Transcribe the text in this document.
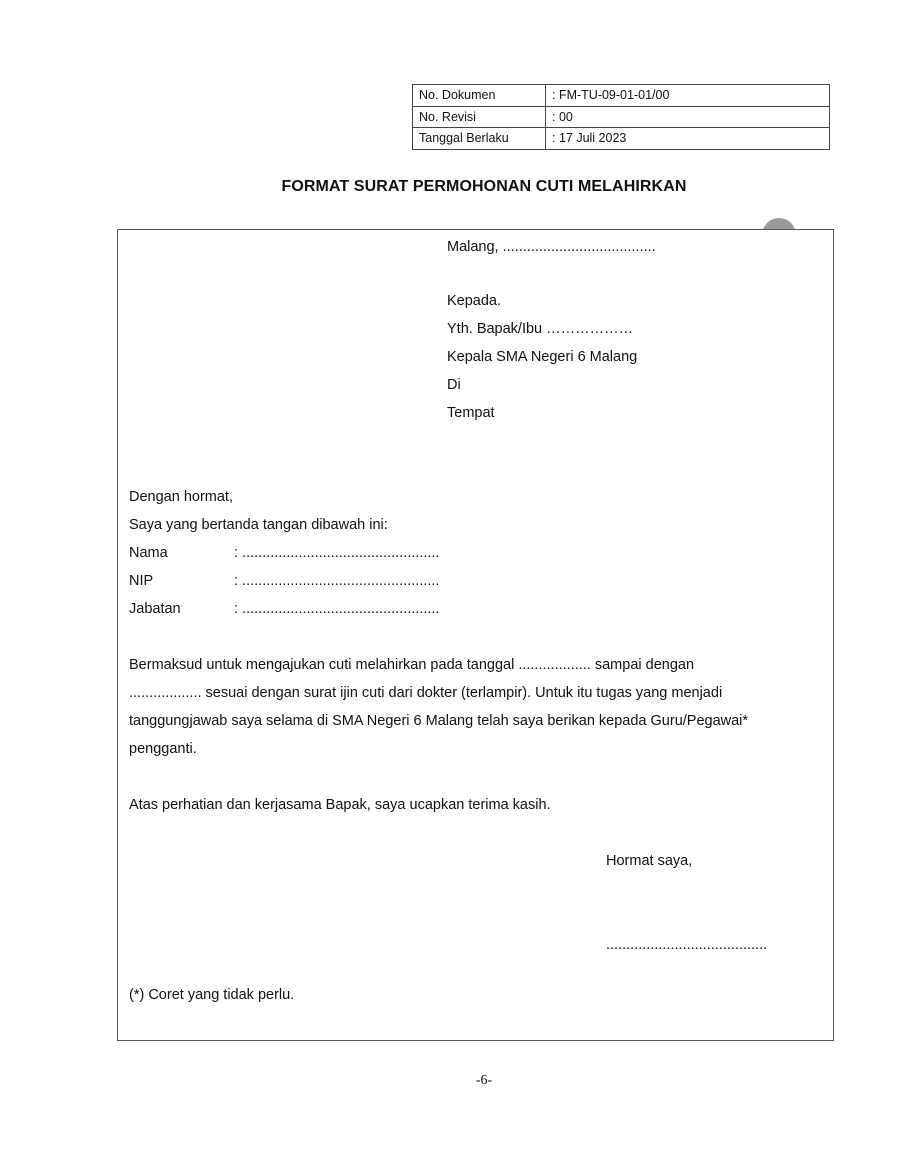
No. Dokumen	: FM-TU-09-01-01/00
No. Revisi	: 00
Tanggal Berlaku	: 17 Juli 2023
FORMAT SURAT PERMOHONAN CUTI MELAHIRKAN
Malang, ......................................
Kepada.
Yth. Bapak/Ibu ………………
Kepala SMA Negeri 6 Malang
Di
Tempat
Dengan hormat,
Saya yang bertanda tangan dibawah ini:
Nama	: .................................................
NIP	: .................................................
Jabatan	: .................................................
Bermaksud untuk mengajukan cuti melahirkan pada tanggal .................. sampai dengan
.................. sesuai dengan surat ijin cuti dari dokter (terlampir). Untuk itu tugas yang menjadi
tanggungjawab saya selama di SMA Negeri 6 Malang telah saya berikan kepada Guru/Pegawai*
pengganti.
Atas perhatian dan kerjasama Bapak, saya ucapkan terima kasih.
Hormat saya,
........................................
(*) Coret yang tidak perlu.
-6-
